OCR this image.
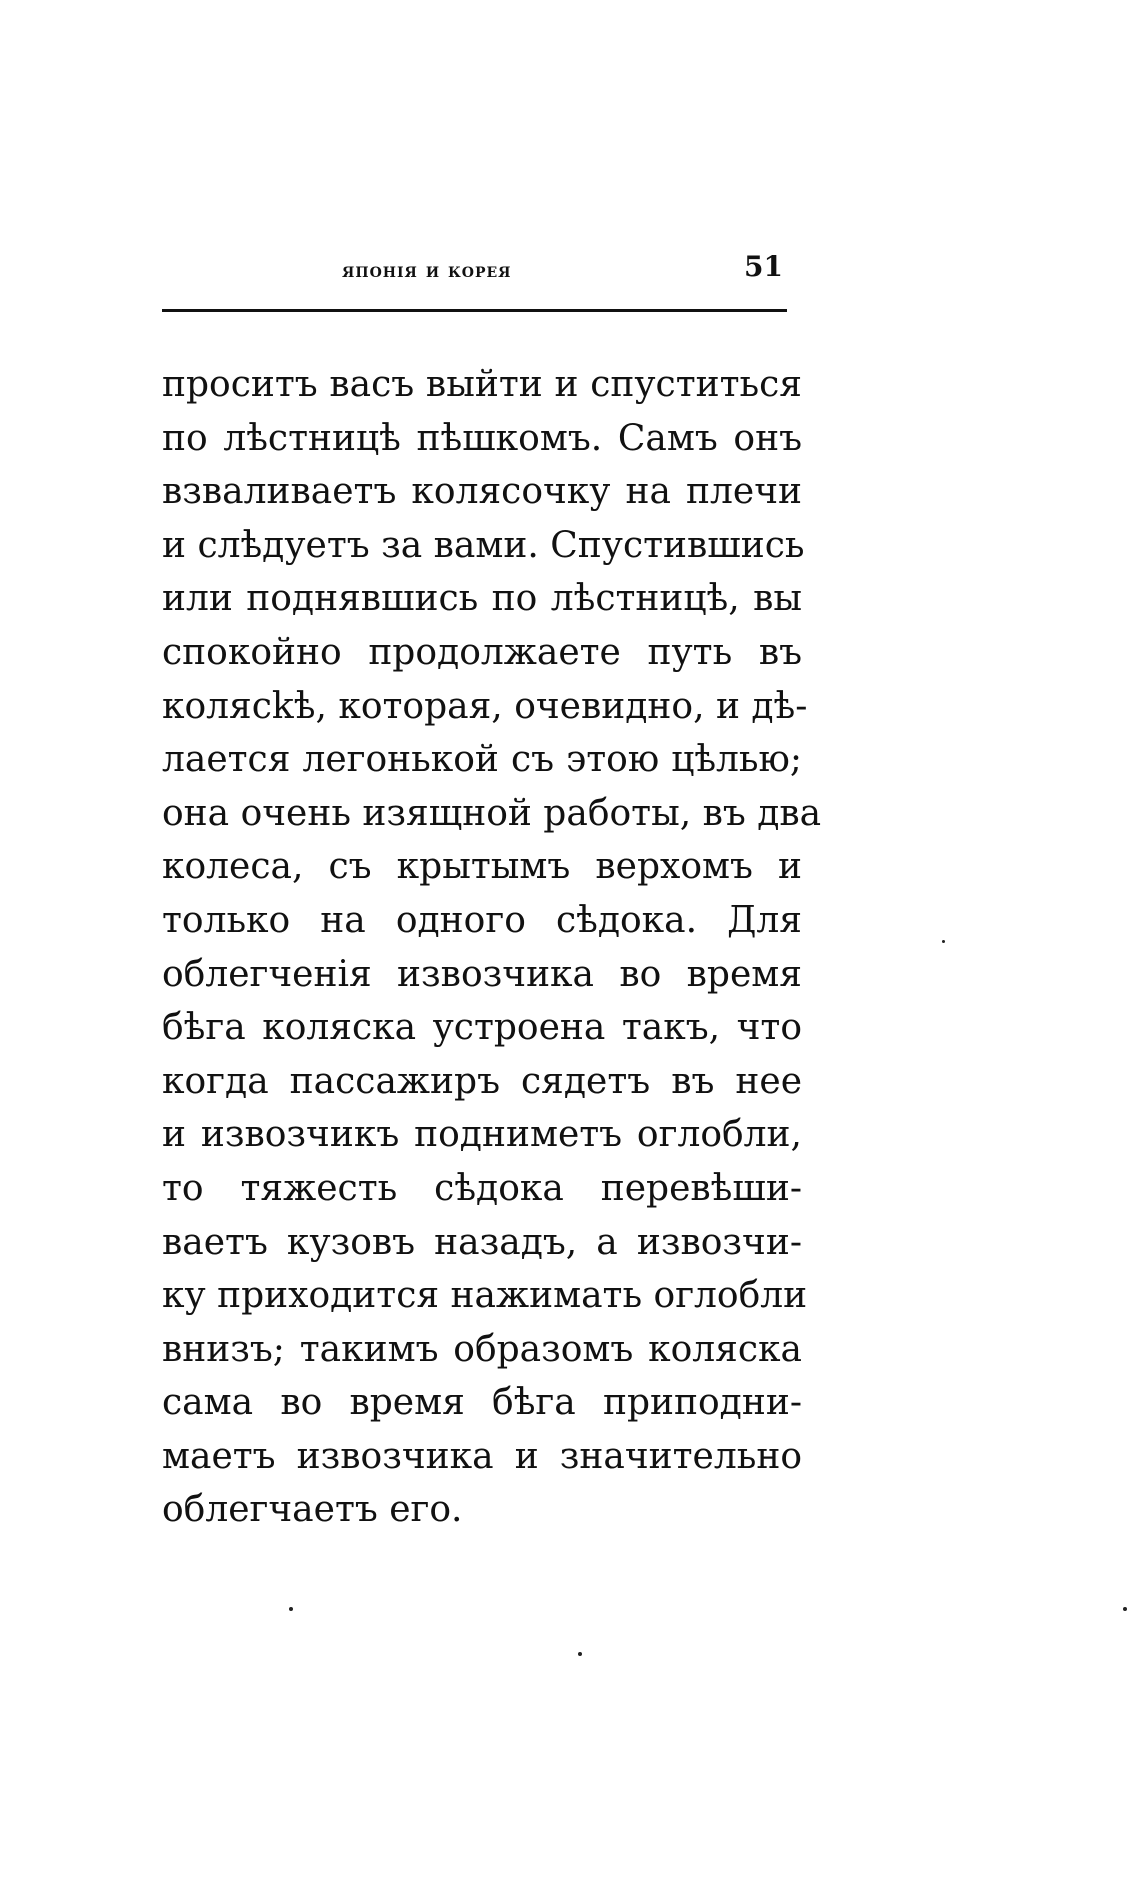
японія и корея	51
проситъ васъ выйти и спуститься
по лѣстницѣ пѣшкомъ. Самъ онъ
взваливаетъ колясочку на плечи
и слѣдуетъ за вами. Спустившись
или поднявшись по лѣстницѣ, вы
спокойно продолжаете путь въ
колясkѣ, которая, очевидно, и дѣ-
лается легонькой съ этою цѣлью;
она очень изящной работы, въ два
колеса, съ крытымъ верхомъ и
только на одного сѣдока. Для
облегченія извозчика во время
бѣга коляска устроена такъ, что
когда пассажиръ сядетъ въ нее
и извозчикъ подниметъ оглобли,
то тяжесть сѣдока перевѣши-
ваетъ кузовъ назадъ, а извозчи-
ку приходится нажимать оглобли
внизъ; такимъ образомъ коляска
сама во время бѣга приподни-
маетъ извозчика и значительно
облегчаетъ его.
